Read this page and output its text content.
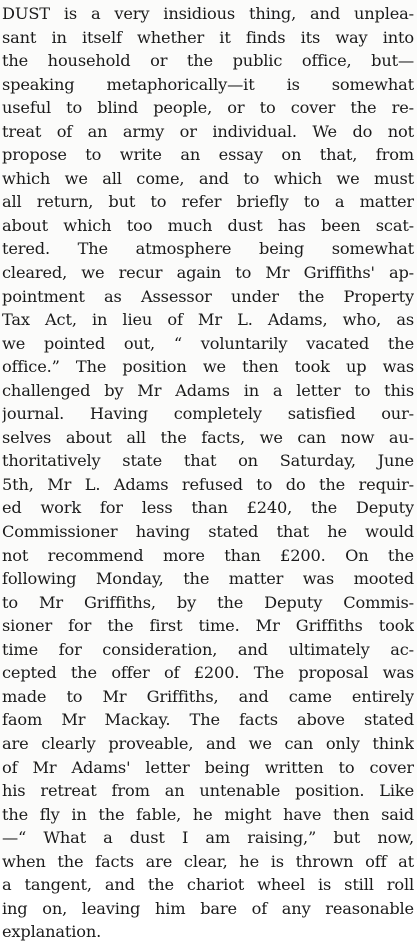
DUST is a very insidious thing, and unplea-
sant in itself whether it finds its way into
the household or the public office, but—
speaking metaphorically—it is somewhat
useful to blind people, or to cover the re-
treat of an army or individual. We do not
propose to write an essay on that, from
which we all come, and to which we must
all return, but to refer briefly to a matter
about which too much dust has been scat-
tered. The atmosphere being somewhat
cleared, we recur again to Mr Griffiths' ap-
pointment as Assessor under the Property
Tax Act, in lieu of Mr L. Adams, who, as
we pointed out, “ voluntarily vacated the
office.” The position we then took up was
challenged by Mr Adams in a letter to this
journal. Having completely satisfied our-
selves about all the facts, we can now au-
thoritatively state that on Saturday, June
5th, Mr L. Adams refused to do the requir-
ed work for less than £240, the Deputy
Commissioner having stated that he would
not recommend more than £200. On the
following Monday, the matter was mooted
to Mr Griffiths, by the Deputy Commis-
sioner for the first time. Mr Griffiths took
time for consideration, and ultimately ac-
cepted the offer of £200. The proposal was
made to Mr Griffiths, and came entirely
faom Mr Mackay. The facts above stated
are clearly proveable, and we can only think
of Mr Adams' letter being written to cover
his retreat from an untenable position. Like
the fly in the fable, he might have then said
—“ What a dust I am raising,” but now,
when the facts are clear, he is thrown off at
a tangent, and the chariot wheel is still roll
ing on, leaving him bare of any reasonable
explanation.
